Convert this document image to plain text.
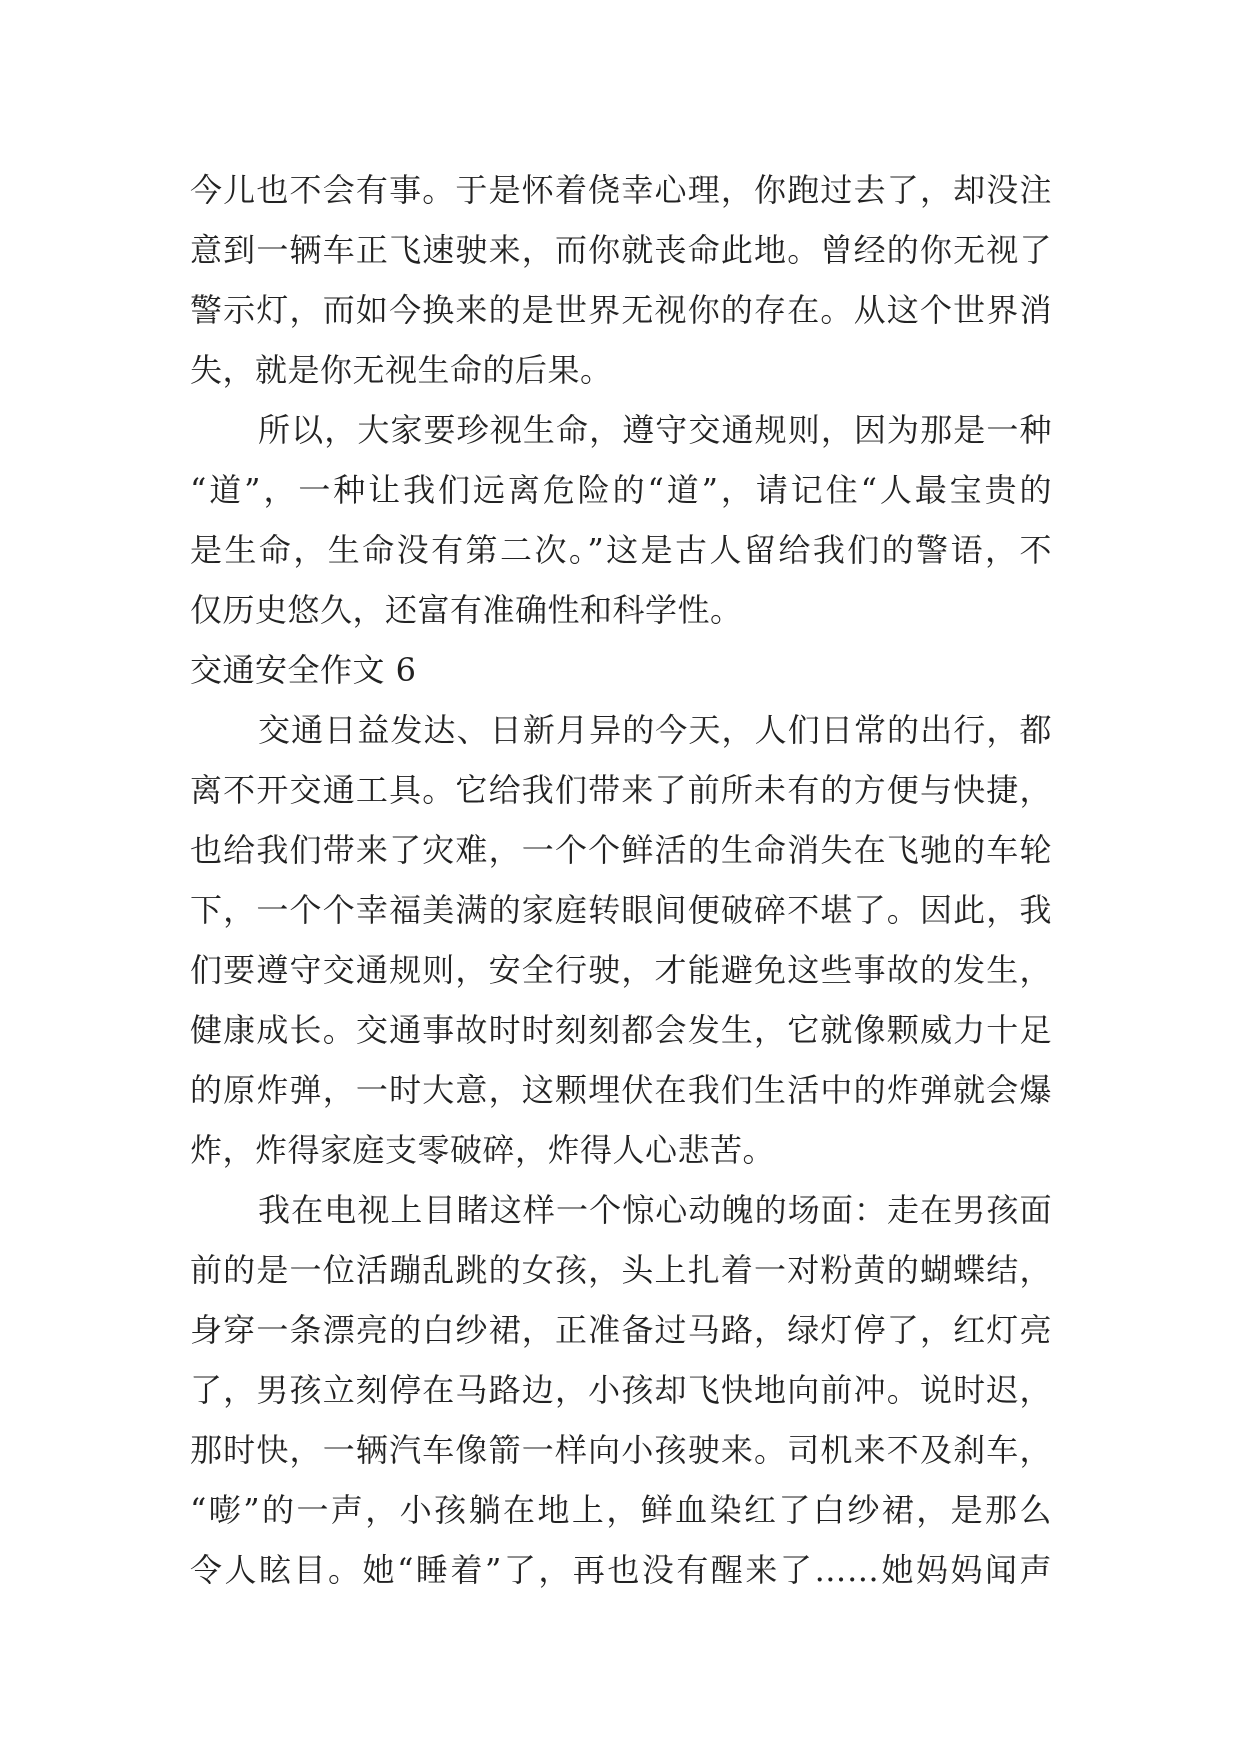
今儿也不会有事。于是怀着侥幸心理，你跑过去了，却没注
意到一辆车正飞速驶来，而你就丧命此地。曾经的你无视了
警示灯，而如今换来的是世界无视你的存在。从这个世界消
失，就是你无视生命的后果。
所以，大家要珍视生命，遵守交通规则，因为那是一种
“道”，一种让我们远离危险的“道”，请记住“人最宝贵的
是生命，生命没有第二次。”这是古人留给我们的警语，不
仅历史悠久，还富有准确性和科学性。
交通安全作文 6
交通日益发达、日新月异的今天，人们日常的出行，都
离不开交通工具。它给我们带来了前所未有的方便与快捷，
也给我们带来了灾难，一个个鲜活的生命消失在飞驰的车轮
下，一个个幸福美满的家庭转眼间便破碎不堪了。因此，我
们要遵守交通规则，安全行驶，才能避免这些事故的发生，
健康成长。交通事故时时刻刻都会发生，它就像颗威力十足
的原炸弹，一时大意，这颗埋伏在我们生活中的炸弹就会爆
炸，炸得家庭支零破碎，炸得人心悲苦。
我在电视上目睹这样一个惊心动魄的场面：走在男孩面
前的是一位活蹦乱跳的女孩，头上扎着一对粉黄的蝴蝶结，
身穿一条漂亮的白纱裙，正准备过马路，绿灯停了，红灯亮
了，男孩立刻停在马路边，小孩却飞快地向前冲。说时迟，
那时快，一辆汽车像箭一样向小孩驶来。司机来不及刹车，
“嘭”的一声，小孩躺在地上，鲜血染红了白纱裙，是那么
令人眩目。她“睡着”了，再也没有醒来了……她妈妈闻声
